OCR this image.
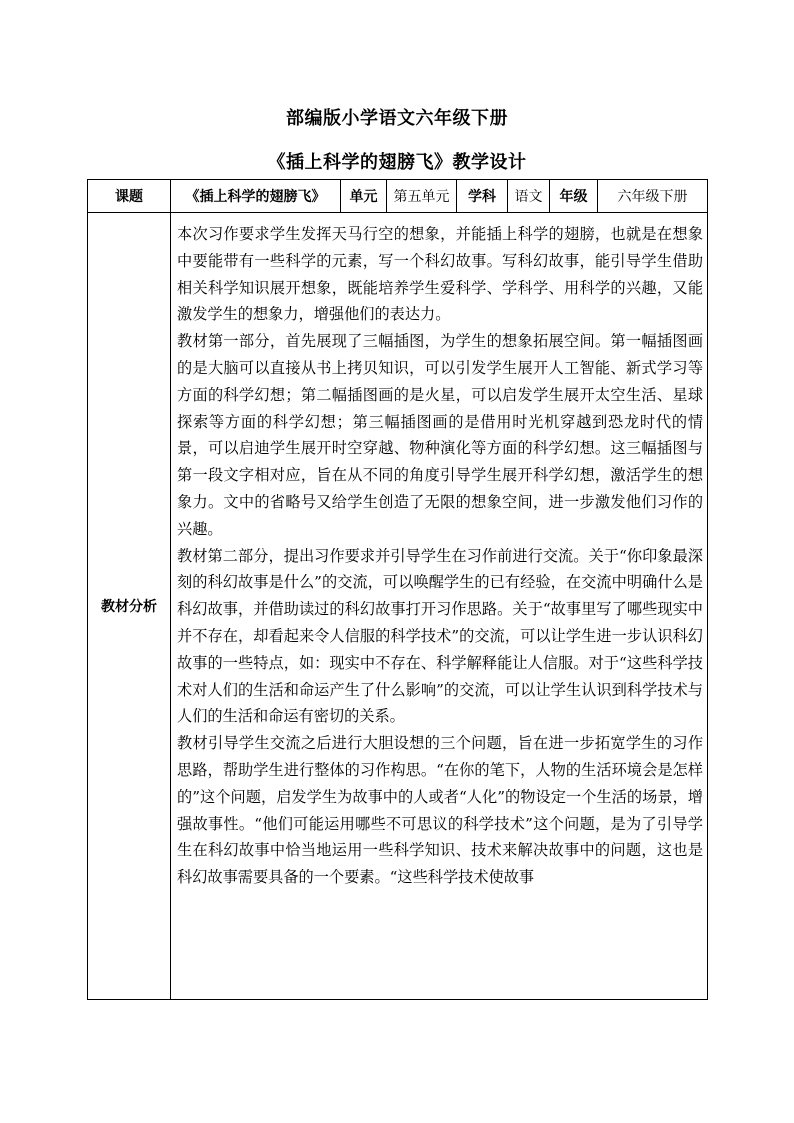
部编版小学语文六年级下册
《插上科学的翅膀飞》教学设计
课题	《插上科学的翅膀飞》	单元	第五单元	学科	语文	年级	六年级下册
教材分析	本次习作要求学生发挥天马行空的想象，并能插上科学的翅膀，也就是在想象中要能带有一些科学的元素，写一个科幻故事。写科幻故事，能引导学生借助相关科学知识展开想象，既能培养学生爱科学、学科学、用科学的兴趣，又能激发学生的想象力，增强他们的表达力。

教材第一部分，首先展现了三幅插图，为学生的想象拓展空间。第一幅插图画的是大脑可以直接从书上拷贝知识，可以引发学生展开人工智能、新式学习等方面的科学幻想；第二幅插图画的是火星，可以启发学生展开太空生活、星球探索等方面的科学幻想；第三幅插图画的是借用时光机穿越到恐龙时代的情景，可以启迪学生展开时空穿越、物种演化等方面的科学幻想。这三幅插图与第一段文字相对应，旨在从不同的角度引导学生展开科学幻想，激活学生的想象力。文中的省略号又给学生创造了无限的想象空间，进一步激发他们习作的兴趣。

教材第二部分，提出习作要求并引导学生在习作前进行交流。关于“你印象最深刻的科幻故事是什么”的交流，可以唤醒学生的已有经验，在交流中明确什么是科幻故事，并借助读过的科幻故事打开习作思路。关于“故事里写了哪些现实中并不存在，却看起来令人信服的科学技术”的交流，可以让学生进一步认识科幻故事的一些特点，如：现实中不存在、科学解释能让人信服。对于“这些科学技术对人们的生活和命运产生了什么影响”的交流，可以让学生认识到科学技术与人们的生活和命运有密切的关系。

教材引导学生交流之后进行大胆设想的三个问题，旨在进一步拓宽学生的习作思路，帮助学生进行整体的习作构思。“在你的笔下，人物的生活环境会是怎样的”这个问题，启发学生为故事中的人或者“人化”的物设定一个生活的场景，增强故事性。“他们可能运用哪些不可思议的科学技术”这个问题，是为了引导学生在科幻故事中恰当地运用一些科学知识、技术来解决故事中的问题，这也是科幻故事需要具备的一个要素。“这些科学技术使故事						
